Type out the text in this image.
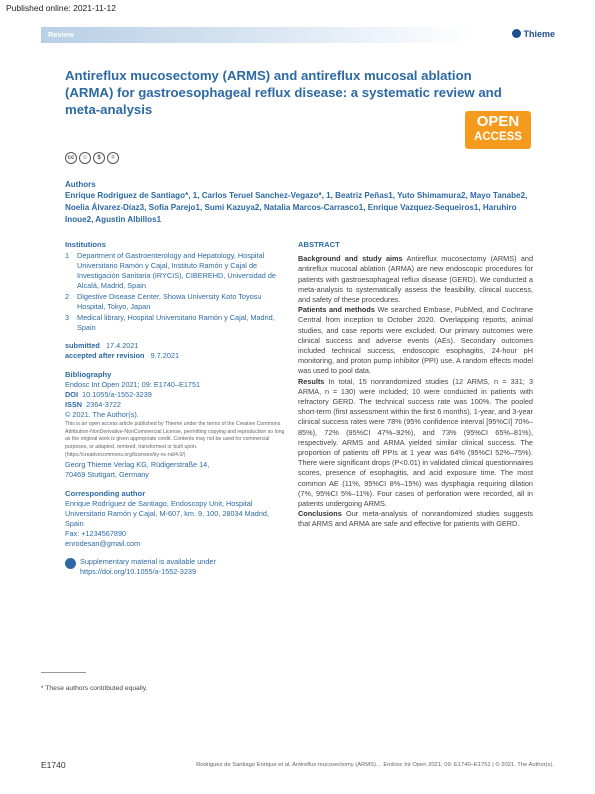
Published online: 2021-11-12
Review	Thieme
Antireflux mucosectomy (ARMS) and antireflux mucosal ablation (ARMA) for gastroesophageal reflux disease: a systematic review and meta-analysis
OPEN
ACCESS
cc	☺	$	=
Authors
Enrique Rodriguez de Santiago*, 1, Carlos Teruel Sanchez-Vegazo*, 1, Beatriz Peñas1, Yuto Shimamura2, Mayo Tanabe2, Noelia Álvarez-Díaz3, Sofia Parejo1, Sumi Kazuya2, Natalia Marcos-Carrasco1, Enrique Vazquez-Sequeiros1, Haruhiro Inoue2, Agustin Albillos1
Institutions
1	Department of Gastroenterology and Hepatology, Hospital Universitario Ramón y Cajal, Instituto Ramón y Cajal de Investigación Sanitaria (IRYCIS), CIBEREHD, Universidad de Alcalá, Madrid, Spain
2	Digestive Disease Center, Showa University Koto Toyosu Hospital, Tokyo, Japan
3	Medical library, Hospital Universitario Ramón y Cajal, Madrid, Spain
submitted 17.4.2021
accepted after revision 9.7.2021
Bibliography
Endosc Int Open 2021; 09: E1740–E1751
DOI 10.1055/a-1552-3239
ISSN 2364-3722
© 2021. The Author(s).
This is an open access article published by Thieme under the terms of the Creative Commons Attribution-NonDerivative-NonCommercial License, permitting copying and reproduction so long as the original work is given appropriate credit. Contents may not be used for commercial purposes, or adapted, remixed, transformed or built upon. (https://creativecommons.org/licenses/by-nc-nd/4.0/)
Georg Thieme Verlag KG, Rüdigerstraße 14,
70469 Stuttgart, Germany
Corresponding author
Enrique Rodríguez de Santiago, Endoscopy Unit, Hospital Universitario Ramón y Cajal, M-607, km. 9, 100, 28034 Madrid, Spain
Fax: +1234567890
enrodesan@gmail.com
Supplementary material is available under https://doi.org/10.1055/a-1552-3239
ABSTRACT

Background and study aims Antireflux mucosectomy (ARMS) and antireflux mucosal ablation (ARMA) are new endoscopic procedures for patients with gastroesophageal reflux disease (GERD). We conducted a meta-analysis to systematically assess the feasibility, clinical success, and safety of these procedures.

Patients and methods We searched Embase, PubMed, and Cochrane Central from inception to October 2020. Overlapping reports, animal studies, and case reports were excluded. Our primary outcomes were clinical success and adverse events (AEs). Secondary outcomes included technical success, endoscopic esophagitis, 24-hour pH monitoring, and proton pump inhibitor (PPI) use. A random effects model was used to pool data.

Results In total, 15 nonrandomized studies (12 ARMS, n = 331; 3 ARMA, n = 130) were included; 10 were conducted in patients with refractory GERD. The technical success rate was 100%. The pooled short-term (first assessment within the first 6 months), 1-year, and 3-year clinical success rates were 78% (95% confidence interval [95%CI] 70%–85%), 72% (95%CI 47%–92%), and 73% (95%CI 65%–81%), respectively. ARMS and ARMA yielded similar clinical success. The proportion of patients off PPIs at 1 year was 64% (95%CI 52%–75%). There were significant drops (P<0.01) in validated clinical questionnaires scores, presence of esophagitis, and acid exposure time. The most common AE (11%, 95%CI 8%–15%) was dysphagia requiring dilation (7%, 95%CI 5%–11%). Four cases of perforation were recorded, all in patients undergoing ARMS.

Conclusions Our meta-analysis of nonrandomized studies suggests that ARMS and ARMA are safe and effective for patients with GERD.

* These authors contributed equally.
E1740	Rodriguez de Santiago Enrique et al. Antireflux mucosectomy (ARMS)… Endosc Int Open 2021; 09: E1740–E1751 | © 2021. The Author(s).
